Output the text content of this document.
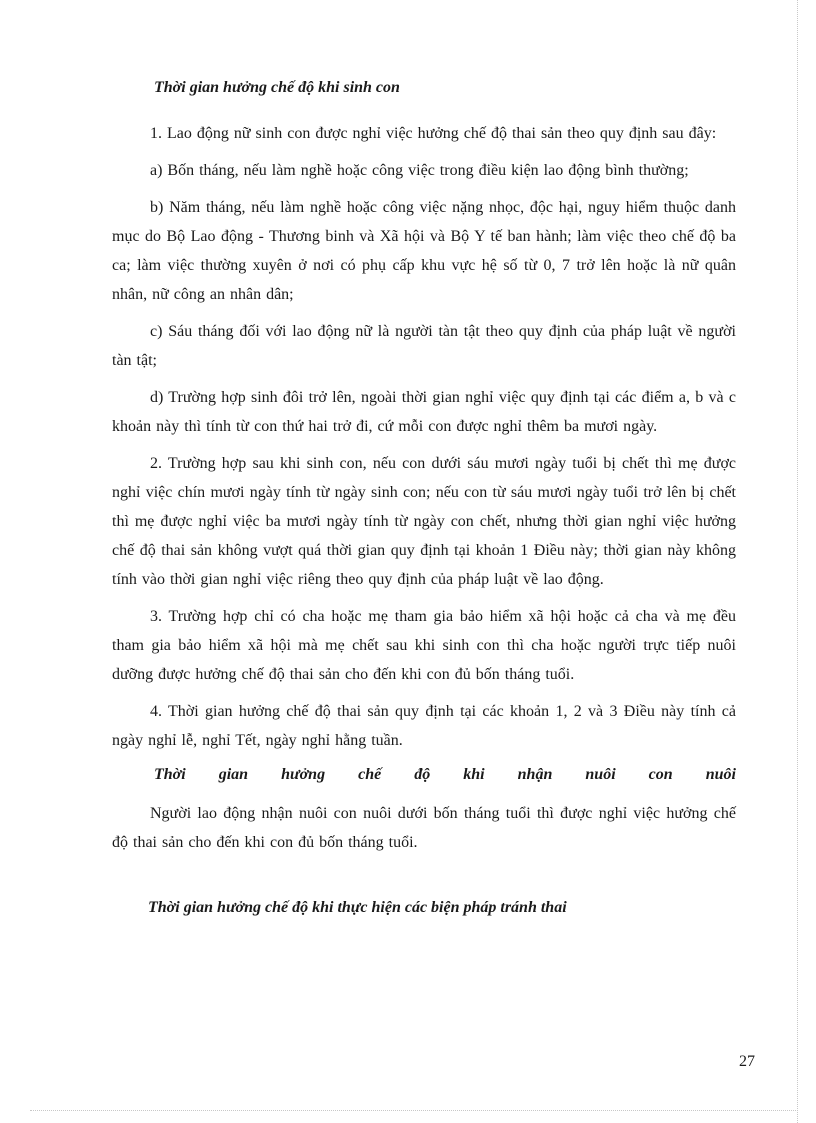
Thời gian hưởng chế độ khi sinh con

1. Lao động nữ sinh con được nghỉ việc hưởng chế độ thai sản theo quy định sau đây:

a) Bốn tháng, nếu làm nghề hoặc công việc trong điều kiện lao động bình thường;

b) Năm tháng, nếu làm nghề hoặc công việc nặng nhọc, độc hại, nguy hiểm thuộc danh mục do Bộ Lao động - Thương binh và Xã hội và Bộ Y tế ban hành; làm việc theo chế độ ba ca; làm việc thường xuyên ở nơi có phụ cấp khu vực hệ số từ 0, 7 trở lên hoặc là nữ quân nhân, nữ công an nhân dân;

c) Sáu tháng đối với lao động nữ là người tàn tật theo quy định của pháp luật về người tàn tật;

d) Trường hợp sinh đôi trở lên, ngoài thời gian nghỉ việc quy định tại các điểm a, b và c khoản này thì tính từ con thứ hai trở đi, cứ mỗi con được nghỉ thêm ba mươi ngày.

2. Trường hợp sau khi sinh con, nếu con dưới sáu mươi ngày tuổi bị chết thì mẹ được nghỉ việc chín mươi ngày tính từ ngày sinh con; nếu con từ sáu mươi ngày tuổi trở lên bị chết thì mẹ được nghỉ việc ba mươi ngày tính từ ngày con chết, nhưng thời gian nghỉ việc hưởng chế độ thai sản không vượt quá thời gian quy định tại khoản 1 Điều này; thời gian này không tính vào thời gian nghỉ việc riêng theo quy định của pháp luật về lao động.

3. Trường hợp chỉ có cha hoặc mẹ tham gia bảo hiểm xã hội hoặc cả cha và mẹ đều tham gia bảo hiểm xã hội mà mẹ chết sau khi sinh con thì cha hoặc người trực tiếp nuôi dưỡng được hưởng chế độ thai sản cho đến khi con đủ bốn tháng tuổi.

4. Thời gian hưởng chế độ thai sản quy định tại các khoản 1, 2 và 3 Điều này tính cả ngày nghỉ lễ, nghỉ Tết, ngày nghỉ hằng tuần.

Thời gian hưởng chế độ khi nhận nuôi con nuôi

Người lao động nhận nuôi con nuôi dưới bốn tháng tuổi thì được nghỉ việc hưởng chế độ thai sản cho đến khi con đủ bốn tháng tuổi.

Thời gian hưởng chế độ khi thực hiện các biện pháp tránh thai

27
